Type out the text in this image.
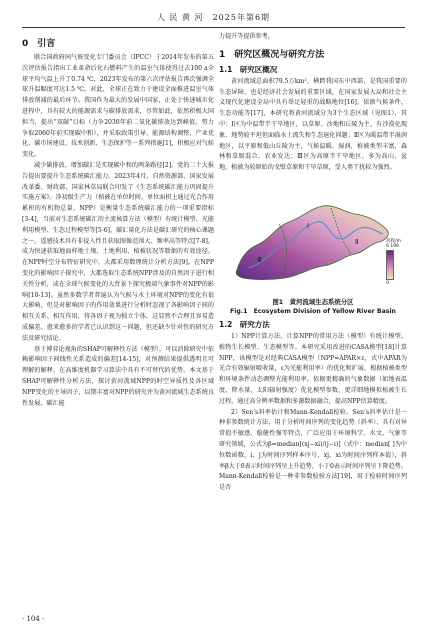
人 民 黄 河　2025年第6期
0　引言

联合国政府间气候变化专门委员会（IPCC）于2014年发布的第五次评估报告指出工业革命后化石燃料产生的温室气体使得过去100 a全球平均气温上升了0.74 ℃，2023年发布的第六次评估报告再次强调全球升温幅度可达1.5 ℃。对此，全球正在致力于建设全面推进温室气体排放削减的最后环节。我国作为最大的发展中国家，正处于快速城市化进程中，具有较大的能源需求与碳排放需求，尽管如此，依然积极大国担当，提出“双碳”目标（力争2030年前二氧化碳排放达到峰值，努力争取2060年前实现碳中和），并采取政策引导、能源结构调整、产业优化、碳市场建设、技术创新、生态保护等一系列措施[1]，积极应对气候变化。

减少碳排放、增加碳汇是实现碳中和的两条路径[2]。党的二十大报告提出要提升生态系统碳汇能力。2023年4月，自然资源部、国家发展改革委、财政部、国家林草局联合印发了《生态系统碳汇能力巩固提升实施方案》。净初级生产力（植被在单位时间、单位面积上通过光合作用累积的有机物总量，NPP）是衡量生态系统碳汇能力的一项重要指标[3-4]，当前对生态系统碳汇的主流核算方法（模型）有统计模型、光能利用模型、生态过程模型等[5-6]，碳汇量化方法是碳汇研究的核心课题之一。遥感技术具有非侵入性且获取图像范围大、频率高等特点[7-8]，成为快速获取地面样地土壤、土地利用、植被状况等数据的有效途径。在NPP时空分布特征研究中，大都采用数理统计分析方法[9]。在NPP变化的影响因子探究中，大都选取生态系统NPP涉及的自然因子进行相关性分析，或在全球气候变化的大背景下探究极端气象事件对NPP的影响[10-13]。虽然多数学者普遍认为气候与水土环境对NPP的变化有很大影响，但是对影响因子的作用效果进行分析时忽视了各影响因子间的相互关系、相互作用，将各因子视为独立个体，这显然不合理且容易造成偏差。愈来愈多的学者已认识到这一问题，但还缺少针对性的研究方法及研究结论。

基于博弈论视角的SHAP可解释性方法（模型），可以消除研究中依赖影响因子间线性关系造成的偏差[14-15]，对预测结果提供透明且可理解的解释，在高维度机器学习算法中具有不可替代的优势。本文基于SHAP可解释性分析方法，探讨黄河流域NPP的时空异质性及各区域NPP变化的主导因子，以期丰富对NPP的研究并为黄河流域生态系统良性发展、碳汇能

力提升等提供参考。

1　研究区概况与研究方法
1.1　研究区概况

黄河流域总面积79.5万km²，横跨我国东中西部，是我国重要的生态屏障，也是经济社会发展的重要区域，在国家发展大局和社会主义现代化建设全局中具有举足轻重的战略地位[16]。依据气候条件、生态功能等[17]，本研究将黄河流域分为3个生态区域（见图1），其中：Ⅰ区为中温带半干旱地区，以草原、沙地和丘陵为主，有沙漠化现象，地势较平坦但面临水土流失和生态退化问题；Ⅱ区为暖温带半湿润地区，以平原和低山丘陵为主，气候温暖、湿润，植被类型丰富，森林和草原混合，农业发达；Ⅲ区为高原半干旱地区，多为高山、盆地，植被为较原始的戈壁草原和干旱草原，受人类干扰较为强烈。

Ⅲ
Ⅰ
Ⅱ	高程/m
6 196
0
图1　黄河流域生态系统分区
Fig.1　Ecosystem Division of Yellow River Basin
1.2　研究方法

1）NPP计算方法。计算NPP的常用方法（模型）有统计模型、植物生长模型、生态模型等。本研究采用改进的CASA模型[18]计算NPP，该模型是对经典CASA模型（NPP=APAR×ε，式中APAR为光合有效辐射吸收量，ε为光能利用率）的优化和扩展，根据植被类型和环境条件动态调整光能利用率，依据更精确的气象数据（如地表温度、降水量、太阳辐射强度）优化模型参数，更详细地模拟植被生长过程，通过高分辨率数据和多源数据融合，提高NPP估算精度。

2）Sen’s斜率估计和Mann-Kendall检验。Sen’s斜率估计是一种非参数统计方法，用于分析时间序列的变化趋势（斜率），具有对异常值不敏感、稳健性强等特点，广泛应用于环境科学、水文、气象等研究领域，公式为β=median[(xj−xi)/(j−i)]（式中：median[ ]为中位数函数，i、j为时间序列样本序号，xj、xi为时间序列样本值），斜率β大于0表示时间序列呈上升趋势，小于0表示时间序列呈下降趋势。Mann-Kendall检验是一种非参数检验方法[19]，用于检验时间序列是否

· 104 ·
